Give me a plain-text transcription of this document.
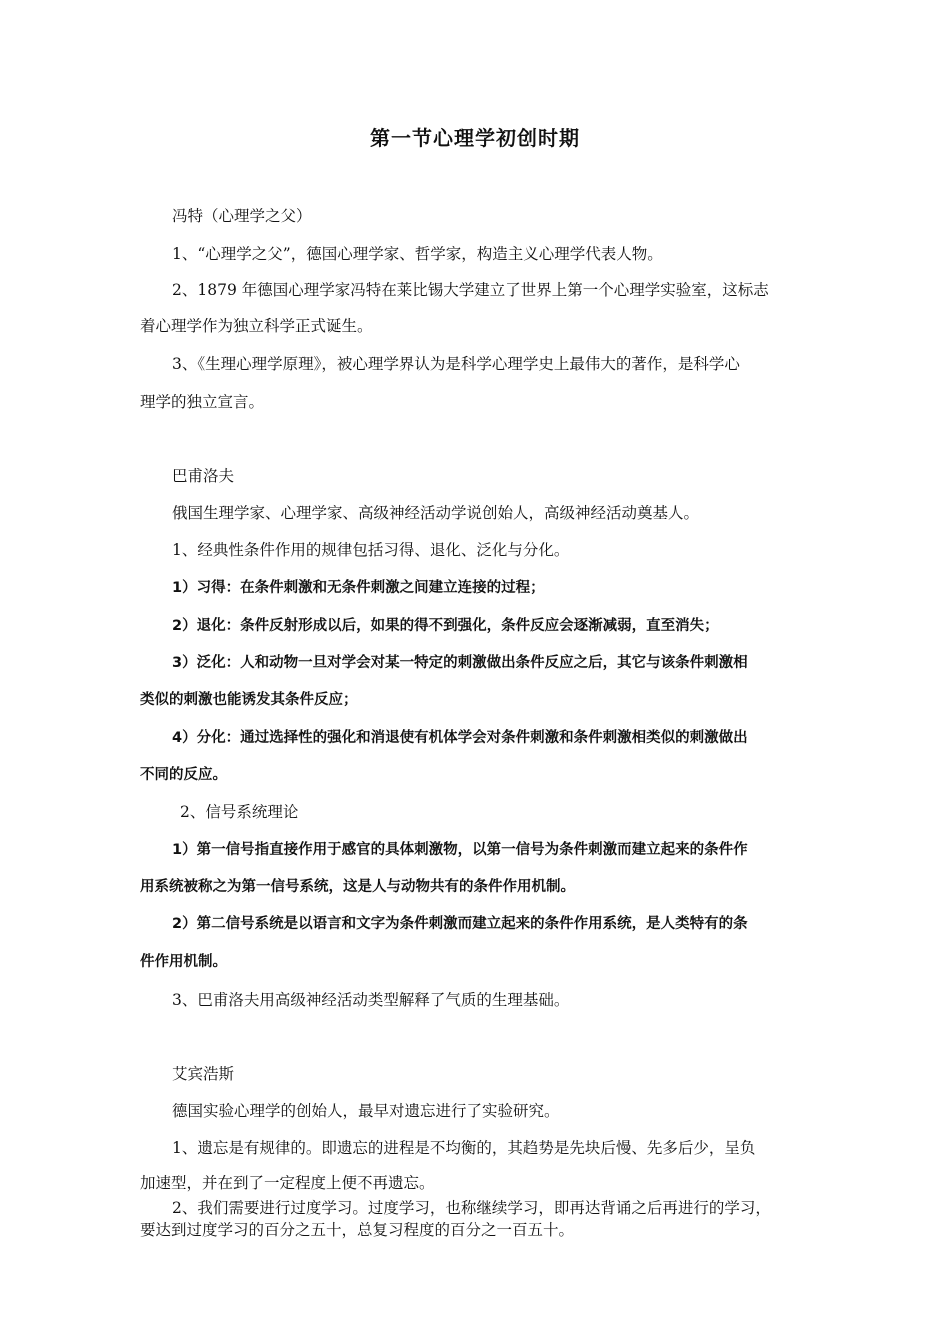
第一节心理学初创时期
冯特（心理学之父）
1、“心理学之父”，德国心理学家、哲学家，构造主义心理学代表人物。
2、1879 年德国心理学家冯特在莱比锡大学建立了世界上第一个心理学实验室，这标志
着心理学作为独立科学正式诞生。
3、《生理心理学原理》，被心理学界认为是科学心理学史上最伟大的著作，是科学心
理学的独立宣言。
巴甫洛夫
俄国生理学家、心理学家、高级神经活动学说创始人，高级神经活动奠基人。
1、经典性条件作用的规律包括习得、退化、泛化与分化。
1）习得：在条件刺激和无条件刺激之间建立连接的过程；
2）退化：条件反射形成以后，如果的得不到强化，条件反应会逐渐减弱，直至消失；
3）泛化：人和动物一旦对学会对某一特定的刺激做出条件反应之后，其它与该条件刺激相
类似的刺激也能诱发其条件反应；
4）分化：通过选择性的强化和消退使有机体学会对条件刺激和条件刺激相类似的刺激做出
不同的反应。
2、信号系统理论
1）第一信号指直接作用于感官的具体刺激物，以第一信号为条件刺激而建立起来的条件作
用系统被称之为第一信号系统，这是人与动物共有的条件作用机制。
2）第二信号系统是以语言和文字为条件刺激而建立起来的条件作用系统，是人类特有的条
件作用机制。
3、巴甫洛夫用高级神经活动类型解释了气质的生理基础。
艾宾浩斯
德国实验心理学的创始人，最早对遗忘进行了实验研究。
1、遗忘是有规律的。即遗忘的进程是不均衡的，其趋势是先块后慢、先多后少，呈负
加速型，并在到了一定程度上便不再遗忘。
2、我们需要进行过度学习。过度学习，也称继续学习，即再达背诵之后再进行的学习，
要达到过度学习的百分之五十，总复习程度的百分之一百五十。
